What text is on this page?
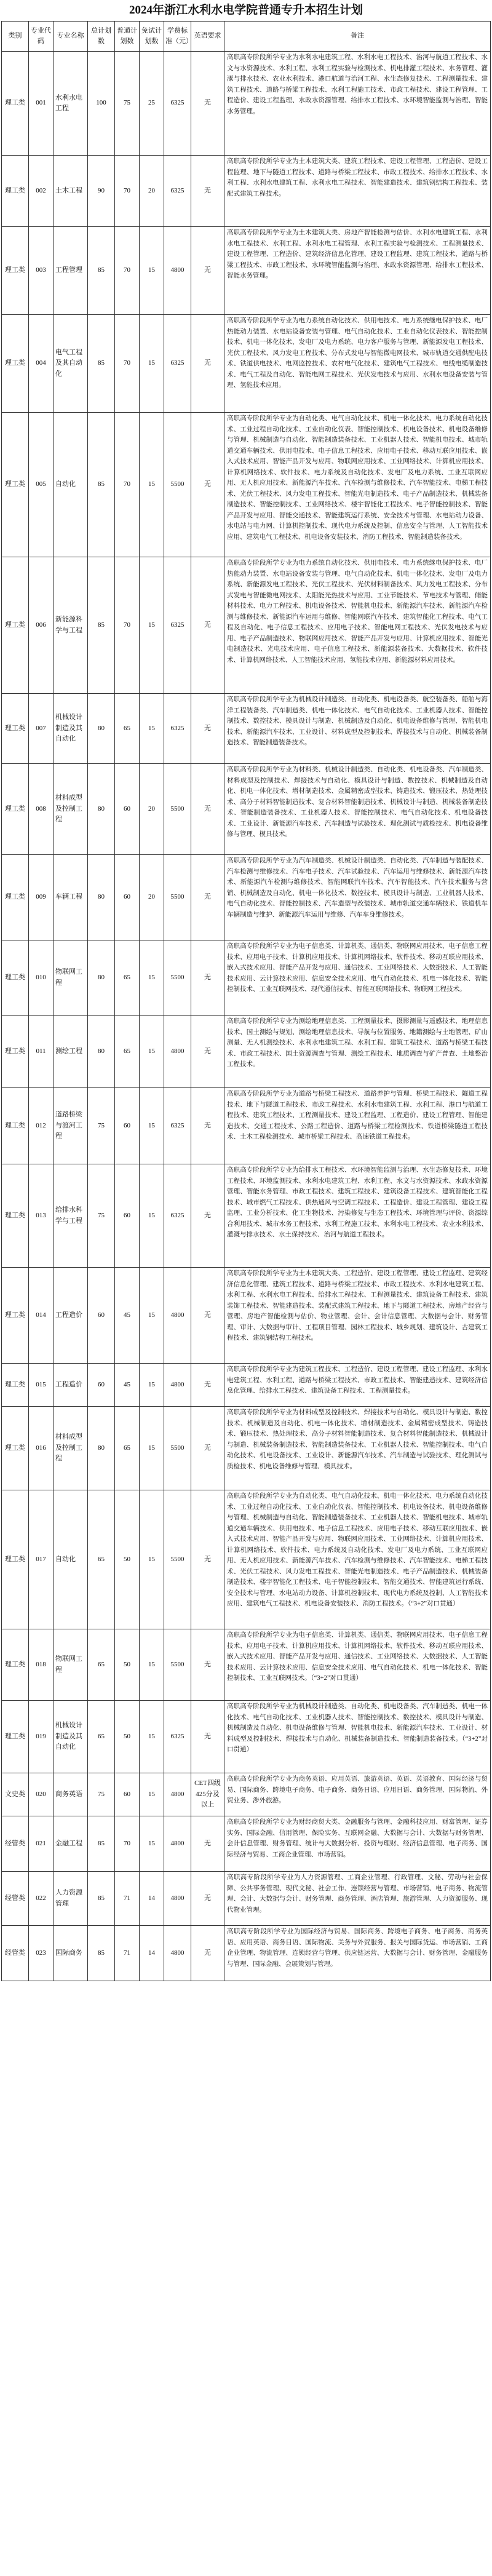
2024年浙江水利水电学院普通专升本招生计划
类别	专业代码	专业名称	总计划数	普通计划数	免试计划数	学费标准（元）	英语要求	备注
理工类	001	水利水电工程	100	75	25	6325	无	高职高专阶段所学专业为水利水电建筑工程、水利水电工程技术、治河与航道工程技术、水文与水资源技术、水利工程、水利工程实验与检测技术、机电排灌工程技术、水务管理、灌溉与排水技术、农业水利技术、港口航道与治河工程、水生态修复技术、工程测量技术、建筑工程技术、道路与桥梁工程技术、水利工程施工技术、市政工程技术、建设工程管理、工程造价、建设工程监理、水政水资源管理、给排水工程技术、水环境智能监测与治理、智能水务管理。
理工类	002	土木工程	90	70	20	6325	无	高职高专阶段所学专业为土木建筑大类、建筑工程技术、建设工程管理、工程造价、建设工程监理、地下与隧道工程技术、道路与桥梁工程技术、市政工程技术、给排水工程技术、水利工程、水利水电建筑工程、水利水电工程技术、智能建造技术、建筑钢结构工程技术、装配式建筑工程技术。
理工类	003	工程管理	85	70	15	4800	无	高职高专阶段所学专业为土木建筑大类、房地产智能检测与估价、水利水电建筑工程、水利水电工程技术、水利工程、水利水电工程管理、水利工程实验与检测技术、工程测量技术、建设工程管理、工程造价、建筑经济信息化管理、建设工程监理、建筑工程技术、道路与桥梁工程技术、市政工程技术、水环境智能监测与治理、水政水资源管理、给排水工程技术、智能水务管理。
理工类	004	电气工程及其自动化	85	70	15	6325	无	高职高专阶段所学专业为电力系统自动化技术、供用电技术、电力系统继电保护技术、电厂热能动力装置、水电站设备安装与管理、电气自动化技术、工业自动化仪表技术、智能控制技术、机电一体化技术、发电厂及电力系统、电力客户服务与管理、新能源发电工程技术、光伏工程技术、风力发电工程技术、分布式发电与智能微电网技术、城市轨道交通供配电技术、铁道供电技术、电网监控技术、农村电气化技术、建筑电气工程技术、电线电缆制造技术、电气工程及自动化、智能电网工程技术、光伏发电技术与应用、水利水电设备安装与管理、氢能技术应用。
理工类	005	自动化	85	70	15	5500	无	高职高专阶段所学专业为自动化类、电气自动化技术、机电一体化技术、电力系统自动化技术、工业过程自动化技术、工业自动化仪表、智能控制技术、机电设备技术、机电设备维修与管理、机械制造与自动化、智能制造装备技术、工业机器人技术、智能机电技术、城市轨道交通车辆技术、供用电技术、电子信息工程技术、应用电子技术、移动互联应用技术、嵌入式技术应用、智能产品开发与应用、物联网应用技术、工业网络技术、计算机应用技术、计算机网络技术、软件技术、电力系统及自动化技术、发电厂及电力系统、工业互联网应用、无人机应用技术、新能源汽车技术、汽车检测与维修技术、汽车智能技术、电梯工程技术、光伏工程技术、风力发电工程技术、智能光电制造技术、电子产品制造技术、机械装备制造技术、智能控制技术、工业网络技术、楼宇智能化工程技术、电子智能控制技术、智能产品开发与应用、智能交通技术、智能建筑运行系统、安全技术与管理、水电站动力设备、水电站与电力网、计算机控制技术、现代电力系统及控制、信息安全与管理、人工智能技术应用、建筑电气工程技术、机电设备安装技术、消防工程技术、智能制造装备技术。
理工类	006	新能源科学与工程	85	70	15	6325	无	高职高专阶段所学专业为电力系统自动化技术、供用电技术、电力系统继电保护技术、电厂热能动力装置、水电站设备安装与管理、电气自动化技术、机电一体化技术、发电厂及电力系统、新能源发电工程技术、光伏工程技术、光伏材料制备技术、风力发电工程技术、分布式发电与智能微电网技术、太阳能光热技术与应用、工业节能技术、节电技术与管理、储能材料技术、电力工程技术、机电设备技术、智能机电技术、新能源汽车技术、新能源汽车检测与维修技术、新能源汽车运用与维修、智能网联汽车技术、建筑智能化工程技术、电气工程及自动化、电子信息工程技术、应用电子技术、智能电网工程技术、光伏发电技术与应用、电子产品制造技术、物联网应用技术、智能产品开发与应用、计算机应用技术、智能光电制造技术、光电技术应用、电子信息工程技术、新能源装备技术、大数据技术、软件技术、计算机网络技术、人工智能技术应用、氢能技术应用、新能源材料应用技术。
理工类	007	机械设计制造及其自动化	80	65	15	6325	无	高职高专阶段所学专业为机械设计制造类、自动化类、机电设备类、航空装备类、船舶与海洋工程装备类、汽车制造类、机电一体化技术、电气自动化技术、工业机器人技术、智能控制技术、数控技术、模具设计与制造、机械制造及自动化、机电设备维修与管理、智能机电技术、新能源汽车技术、工业设计、材料成型及控制技术、焊接技术与自动化、机械装备制造技术、智能制造装备技术。
理工类	008	材料成型及控制工程	80	60	20	5500	无	高职高专阶段所学专业为材料类、机械设计制造类、自动化类、机电设备类、汽车制造类、材料成型及控制技术、焊接技术与自动化、模具设计与制造、数控技术、机械制造及自动化、机电一体化技术、增材制造技术、金属精密成型技术、铸造技术、锻压技术、热处理技术、高分子材料智能制造技术、复合材料智能制造技术、机械设计与制造、机械装备制造技术、智能制造装备技术、工业机器人技术、智能控制技术、电气自动化技术、机电设备技术、工业设计、新能源汽车技术、汽车制造与试验技术、理化测试与质检技术、机电设备维修与管理、模具技术。
理工类	009	车辆工程	80	60	20	5500	无	高职高专阶段所学专业为汽车制造类、机械设计制造类、自动化类、汽车制造与装配技术、汽车检测与维修技术、汽车电子技术、汽车试验技术、汽车运用与维修技术、新能源汽车技术、新能源汽车检测与维修技术、智能网联汽车技术、汽车智能技术、汽车技术服务与营销、机械制造及自动化、机电一体化技术、数控技术、模具设计与制造、工业机器人技术、电气自动化技术、智能控制技术、汽车造型与改装技术、城市轨道交通车辆技术、铁道机车车辆制造与维护、新能源汽车运用与维修、汽车车身维修技术。
理工类	010	物联网工程	80	65	15	5500	无	高职高专阶段所学专业为电子信息类、计算机类、通信类、物联网应用技术、电子信息工程技术、应用电子技术、计算机应用技术、计算机网络技术、软件技术、移动互联应用技术、嵌入式技术应用、智能产品开发与应用、通信技术、工业网络技术、大数据技术、人工智能技术应用、云计算技术应用、信息安全技术应用、电气自动化技术、机电一体化技术、智能控制技术、工业互联网技术、现代通信技术、智能互联网络技术、物联网工程技术。
理工类	011	测绘工程	80	65	15	4800	无	高职高专阶段所学专业为测绘地理信息类、工程测量技术、摄影测量与遥感技术、地理信息技术、国土测绘与规划、测绘地理信息技术、导航与位置服务、地籍测绘与土地管理、矿山测量、无人机测绘技术、水利水电建筑工程、水利工程、建筑工程技术、道路与桥梁工程技术、市政工程技术、国土资源调查与管理、测绘工程技术、地质调查与矿产普查、土地整治工程技术。
理工类	012	道路桥梁与渡河工程	75	60	15	6325	无	高职高专阶段所学专业为道路与桥梁工程技术、道路养护与管理、桥梁工程技术、隧道工程技术、地下与隧道工程技术、市政工程技术、水利水电建筑工程、水利工程、港口与航道工程技术、建筑工程技术、工程测量技术、建设工程监理、工程造价、建设工程管理、智能建造技术、交通工程技术、公路工程造价、道路与桥梁工程检测技术、铁道桥梁隧道工程技术、土木工程检测技术、城市桥梁工程技术、高速铁道工程技术。
理工类	013	给排水科学与工程	75	60	15	6325	无	高职高专阶段所学专业为给排水工程技术、水环境智能监测与治理、水生态修复技术、环境工程技术、环境监测技术、水利水电建筑工程、水利工程、水文与水资源技术、水政水资源管理、智能水务管理、市政工程技术、建筑工程技术、建筑设备工程技术、建筑智能化工程技术、城市燃气工程技术、供热通风与空调工程技术、工程造价、建设工程管理、建设工程监理、工业分析技术、化工生物技术、污染修复与生态工程技术、环境管理与评价、资源综合利用技术、城市水务工程技术、水利工程施工技术、水利水电工程技术、农业水利技术、灌溉与排水技术、水土保持技术、治河与航道工程技术。
理工类	014	工程造价	60	45	15	4800	无	高职高专阶段所学专业为土木建筑大类、工程造价、建设工程管理、建设工程监理、建筑经济信息化管理、建筑工程技术、道路与桥梁工程技术、市政工程技术、水利水电建筑工程、水利工程、水利水电工程技术、给排水工程技术、工程测量技术、建筑设备工程技术、建筑装饰工程技术、智能建造技术、装配式建筑工程技术、地下与隧道工程技术、房地产经营与管理、房地产智能检测与估价、物业管理、会计、会计信息管理、大数据与会计、财务管理、审计、大数据与审计、工程项目管理、园林工程技术、城乡规划、建筑设计、古建筑工程技术、建筑钢结构工程技术。
理工类	015	工程造价	60	45	15	4800	无	高职高专阶段所学专业为建筑工程技术、工程造价、建设工程管理、建设工程监理、水利水电建筑工程、水利工程、道路与桥梁工程技术、市政工程技术、智能建造技术、建筑经济信息化管理、给排水工程技术、建筑设备工程技术、工程测量技术。
理工类	016	材料成型及控制工程	80	65	15	5500	无	高职高专阶段所学专业为材料成型及控制技术、焊接技术与自动化、模具设计与制造、数控技术、机械制造及自动化、机电一体化技术、增材制造技术、金属精密成型技术、铸造技术、锻压技术、热处理技术、高分子材料智能制造技术、复合材料智能制造技术、机械设计与制造、机械装备制造技术、智能制造装备技术、工业机器人技术、智能控制技术、电气自动化技术、机电设备技术、工业设计、新能源汽车技术、汽车制造与试验技术、理化测试与质检技术、机电设备维修与管理、模具技术。
理工类	017	自动化	65	50	15	5500	无	高职高专阶段所学专业为自动化类、电气自动化技术、机电一体化技术、电力系统自动化技术、工业过程自动化技术、工业自动化仪表、智能控制技术、机电设备技术、机电设备维修与管理、机械制造与自动化、智能制造装备技术、工业机器人技术、智能机电技术、城市轨道交通车辆技术、供用电技术、电子信息工程技术、应用电子技术、移动互联应用技术、嵌入式技术应用、智能产品开发与应用、物联网应用技术、工业网络技术、计算机应用技术、计算机网络技术、软件技术、电力系统及自动化技术、发电厂及电力系统、工业互联网应用、无人机应用技术、新能源汽车技术、汽车检测与维修技术、汽车智能技术、电梯工程技术、光伏工程技术、风力发电工程技术、智能光电制造技术、电子产品制造技术、机械装备制造技术、楼宇智能化工程技术、电子智能控制技术、智能交通技术、智能建筑运行系统、安全技术与管理、水电站动力设备、计算机控制技术、现代电力系统及控制、人工智能技术应用、建筑电气工程技术、机电设备安装技术、消防工程技术。（“3+2”对口贯通）
理工类	018	物联网工程	65	50	15	5500	无	高职高专阶段所学专业为电子信息类、计算机类、通信类、物联网应用技术、电子信息工程技术、应用电子技术、计算机应用技术、计算机网络技术、软件技术、移动互联应用技术、嵌入式技术应用、智能产品开发与应用、通信技术、工业网络技术、大数据技术、人工智能技术应用、云计算技术应用、信息安全技术应用、电气自动化技术、机电一体化技术、智能控制技术、工业互联网技术。（“3+2”对口贯通）
理工类	019	机械设计制造及其自动化	65	50	15	6325	无	高职高专阶段所学专业为机械设计制造类、自动化类、机电设备类、汽车制造类、机电一体化技术、电气自动化技术、工业机器人技术、智能控制技术、数控技术、模具设计与制造、机械制造及自动化、机电设备维修与管理、智能机电技术、新能源汽车技术、工业设计、材料成型及控制技术、焊接技术与自动化、机械装备制造技术、智能制造装备技术。（“3+2”对口贯通）
文史类	020	商务英语	75	60	15	4800	CET四级425分及以上	高职高专阶段所学专业为商务英语、应用英语、旅游英语、英语、英语教育、国际经济与贸易、国际商务、跨境电子商务、电子商务、商务日语、应用日语、商务管理、国际物流、外贸业务、涉外旅游。
经管类	021	金融工程	85	70	15	4800	无	高职高专阶段所学专业为财经商贸大类、金融服务与管理、金融科技应用、财富管理、证券实务、国际金融、信用管理、保险实务、互联网金融、大数据与会计、大数据与财务管理、会计信息管理、财务管理、统计与大数据分析、投资与理财、经济信息管理、电子商务、国际经济与贸易、工商企业管理、市场营销。
经管类	022	人力资源管理	85	71	14	4800	无	高职高专阶段所学专业为人力资源管理、工商企业管理、行政管理、文秘、劳动与社会保障、公共事务管理、现代文秘、社会工作、连锁经营与管理、市场营销、电子商务、物流管理、会计、大数据与会计、财务管理、商务管理、酒店管理、旅游管理、人力资源服务、现代物业管理。
经管类	023	国际商务	85	71	14	4800	无	高职高专阶段所学专业为国际经济与贸易、国际商务、跨境电子商务、电子商务、商务英语、应用英语、商务日语、国际物流、关务与外贸服务、报关与国际货运、市场营销、工商企业管理、物流管理、连锁经营与管理、供应链运营、大数据与会计、财务管理、金融服务与管理、国际金融、会展策划与管理。
